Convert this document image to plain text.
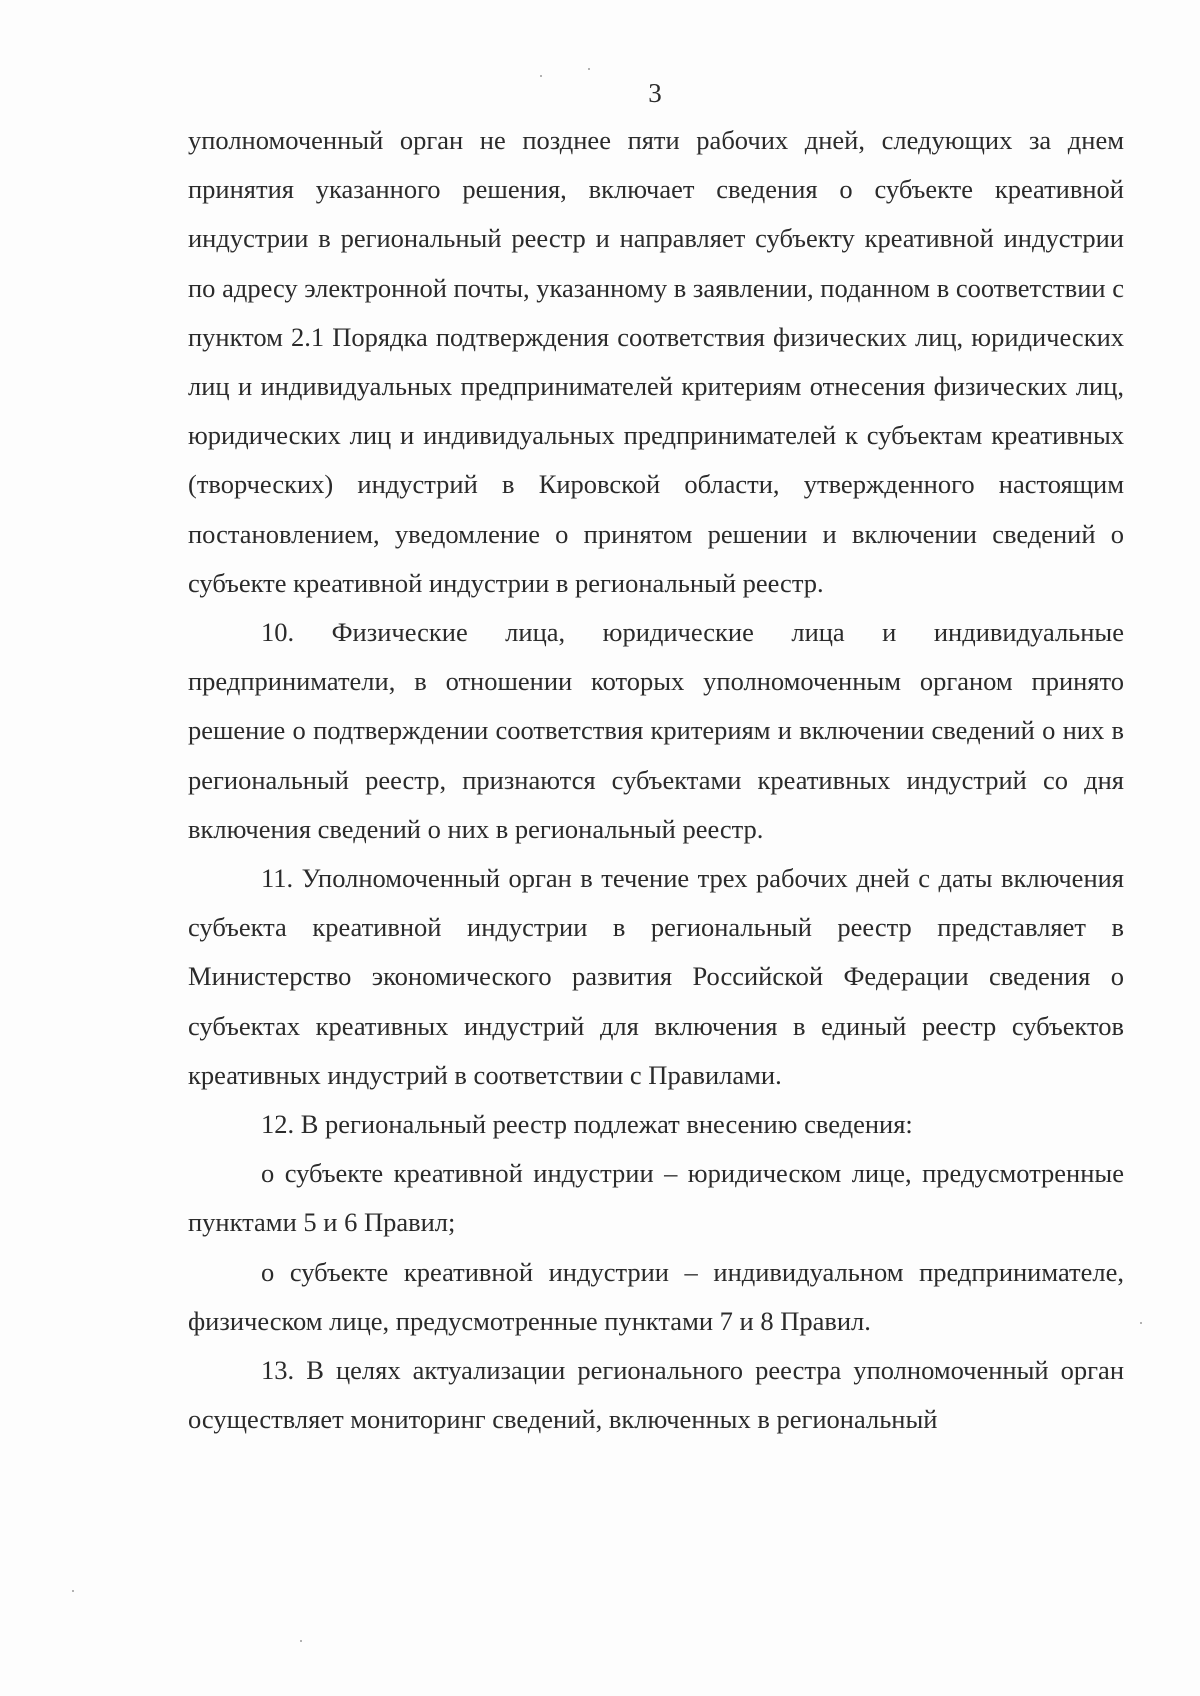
3

уполномоченный орган не позднее пяти рабочих дней, следующих за днем принятия указанного решения, включает сведения о субъекте креативной индустрии в региональный реестр и направляет субъекту креативной индустрии по адресу электронной почты, указанному в заявлении, поданном в соответствии с пунктом 2.1 Порядка подтверждения соответствия физических лиц, юридических лиц и индивидуальных предпринимателей критериям отнесения физических лиц, юридических лиц и индивидуальных предпринимателей к субъектам креативных (творческих) индустрий в Кировской области, утвержденного настоящим постановлением, уведомление о принятом решении и включении сведений о субъекте креативной индустрии в региональный реестр.

10. Физические лица, юридические лица и индивидуальные предприниматели, в отношении которых уполномоченным органом принято решение о подтверждении соответствия критериям и включении сведений о них в региональный реестр, признаются субъектами креативных индустрий со дня включения сведений о них в региональный реестр.

11. Уполномоченный орган в течение трех рабочих дней с даты включения субъекта креативной индустрии в региональный реестр представляет в Министерство экономического развития Российской Федерации сведения о субъектах креативных индустрий для включения в единый реестр субъектов креативных индустрий в соответствии с Правилами.

12. В региональный реестр подлежат внесению сведения:

о субъекте креативной индустрии – юридическом лице, предусмотренные пунктами 5 и 6 Правил;

о субъекте креативной индустрии – индивидуальном предпринимателе, физическом лице, предусмотренные пунктами 7 и 8 Правил.

13. В целях актуализации регионального реестра уполномоченный орган осуществляет мониторинг сведений, включенных в региональный
